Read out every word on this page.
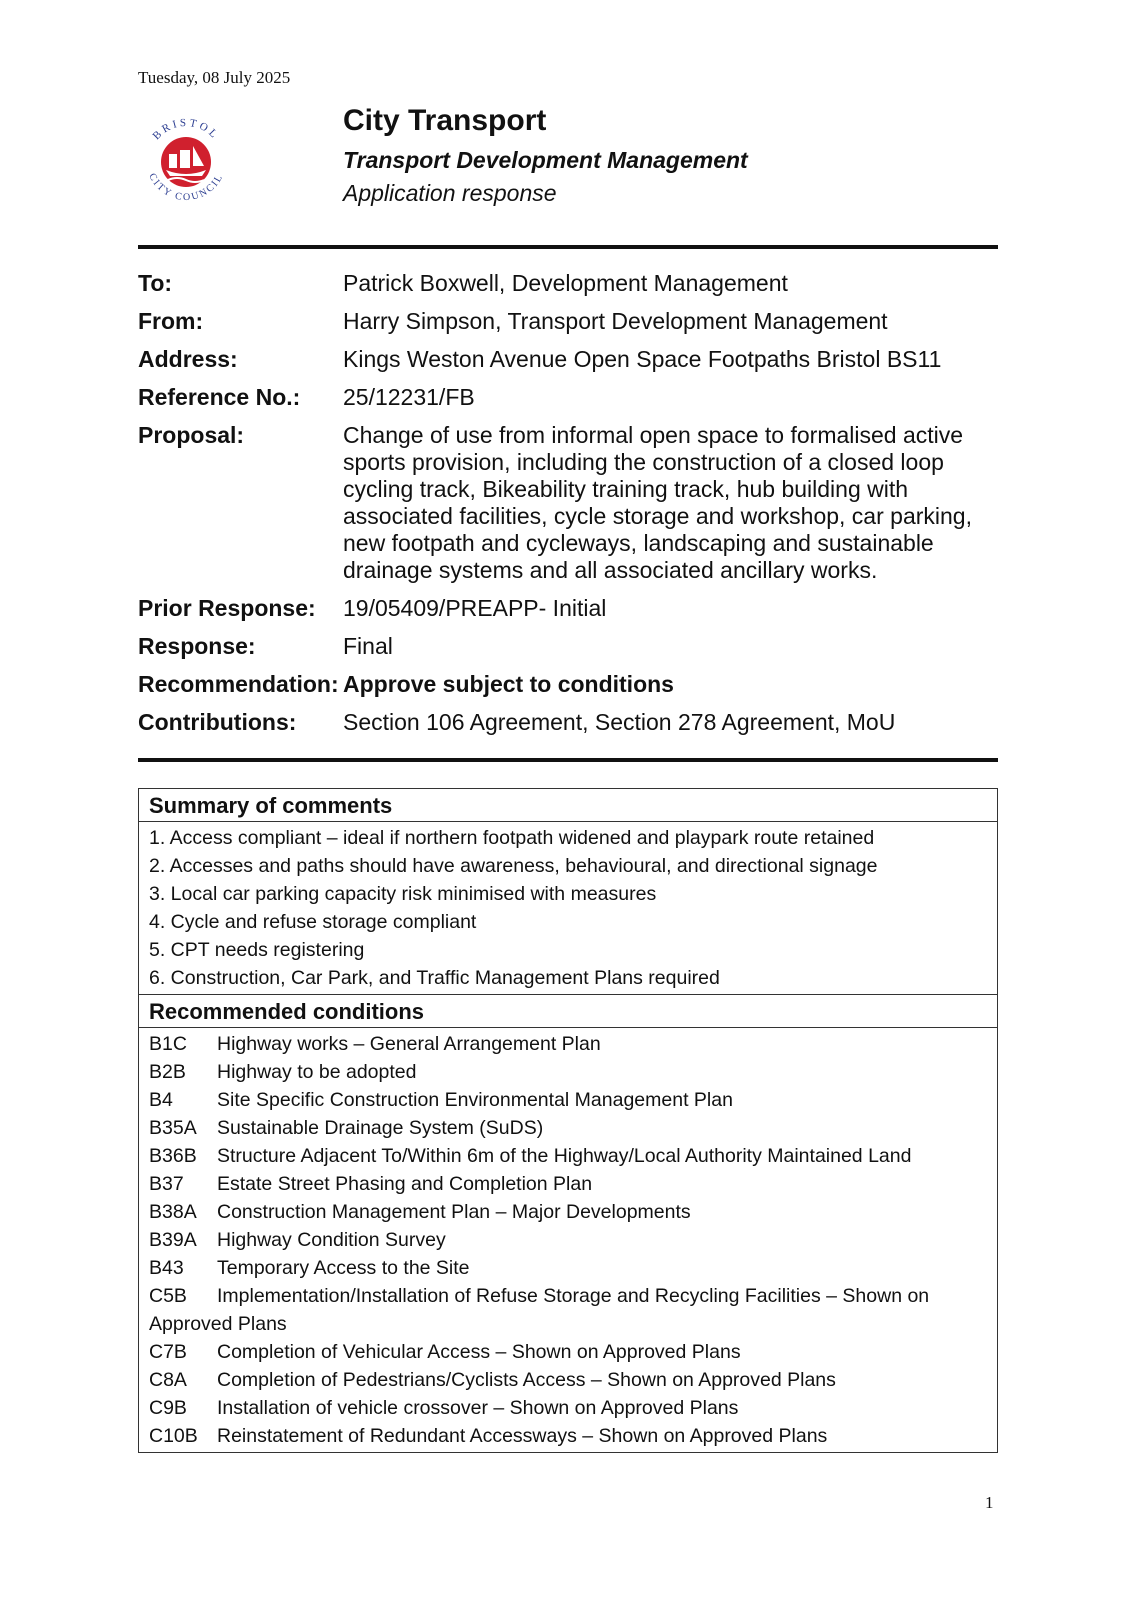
Tuesday, 08 July 2025
BRISTOL
CITY COUNCIL
City Transport
Transport Development Management
Application response
To:	Patrick Boxwell, Development Management
From:	Harry Simpson, Transport Development Management
Address:	Kings Weston Avenue Open Space Footpaths Bristol BS11
Reference No.:	25/12231/FB
Proposal:	Change of use from informal open space to formalised active sports provision, including the construction of a closed loop cycling track, Bikeability training track, hub building with associated facilities, cycle storage and workshop, car parking, new footpath and cycleways, landscaping and sustainable drainage systems and all associated ancillary works.
Prior Response:	19/05409/PREAPP- Initial
Response:	Final
Recommendation: Approve subject to conditions
Contributions:	Section 106 Agreement, Section 278 Agreement, MoU
Summary of comments
1. Access compliant – ideal if northern footpath widened and playpark route retained
2. Accesses and paths should have awareness, behavioural, and directional signage
3. Local car parking capacity risk minimised with measures
4. Cycle and refuse storage compliant
5. CPT needs registering
6. Construction, Car Park, and Traffic Management Plans required
Recommended conditions
B1C	Highway works – General Arrangement Plan
B2B	Highway to be adopted
B4	Site Specific Construction Environmental Management Plan
B35A	Sustainable Drainage System (SuDS)
B36B	Structure Adjacent To/Within 6m of the Highway/Local Authority Maintained Land
B37	Estate Street Phasing and Completion Plan
B38A	Construction Management Plan – Major Developments
B39A	Highway Condition Survey
B43	Temporary Access to the Site
C5B Implementation/Installation of Refuse Storage and Recycling Facilities – Shown on Approved Plans
C7B	Completion of Vehicular Access – Shown on Approved Plans
C8A	Completion of Pedestrians/Cyclists Access – Shown on Approved Plans
C9B	Installation of vehicle crossover – Shown on Approved Plans
C10B Reinstatement of Redundant Accessways – Shown on Approved Plans
1
